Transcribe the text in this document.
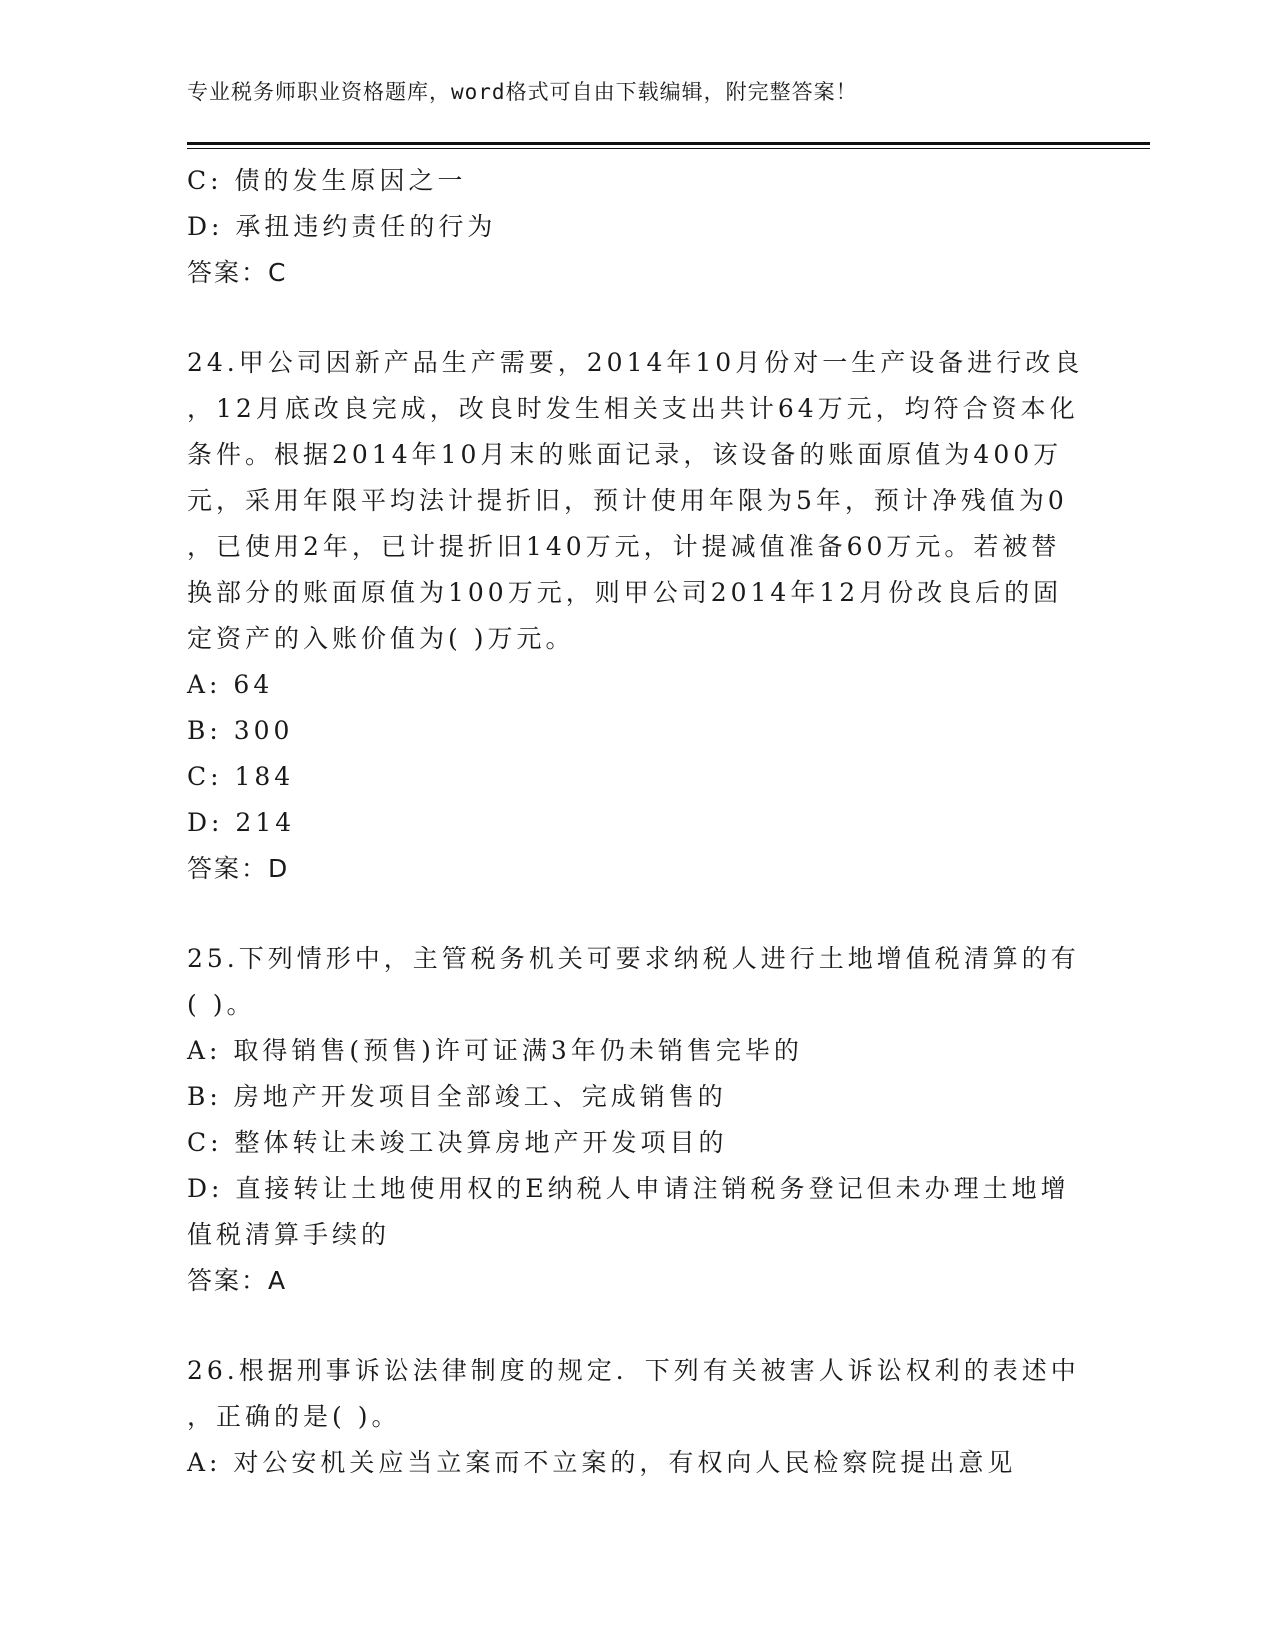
专业税务师职业资格题库，word格式可自由下载编辑，附完整答案！
C: 债的发生原因之一
D: 承扭违约责任的行为
答案：C
24.甲公司因新产品生产需要，2014年10月份对一生产设备进行改良
，12月底改良完成，改良时发生相关支出共计64万元，均符合资本化
条件。根据2014年10月末的账面记录，该设备的账面原值为400万
元，采用年限平均法计提折旧，预计使用年限为5年，预计净残值为0
，已使用2年，已计提折旧140万元，计提减值准备60万元。若被替
换部分的账面原值为100万元，则甲公司2014年12月份改良后的固
定资产的入账价值为( )万元。
A: 64
B: 300
C: 184
D: 214
答案：D
25.下列情形中，主管税务机关可要求纳税人进行土地增值税清算的有
( )。
A: 取得销售(预售)许可证满3年仍未销售完毕的
B: 房地产开发项目全部竣工、完成销售的
C: 整体转让未竣工决算房地产开发项目的
D: 直接转让土地使用权的E纳税人申请注销税务登记但未办理土地增
值税清算手续的
答案：A
26.根据刑事诉讼法律制度的规定．下列有关被害人诉讼权利的表述中
，正确的是( )。
A: 对公安机关应当立案而不立案的，有权向人民检察院提出意见
